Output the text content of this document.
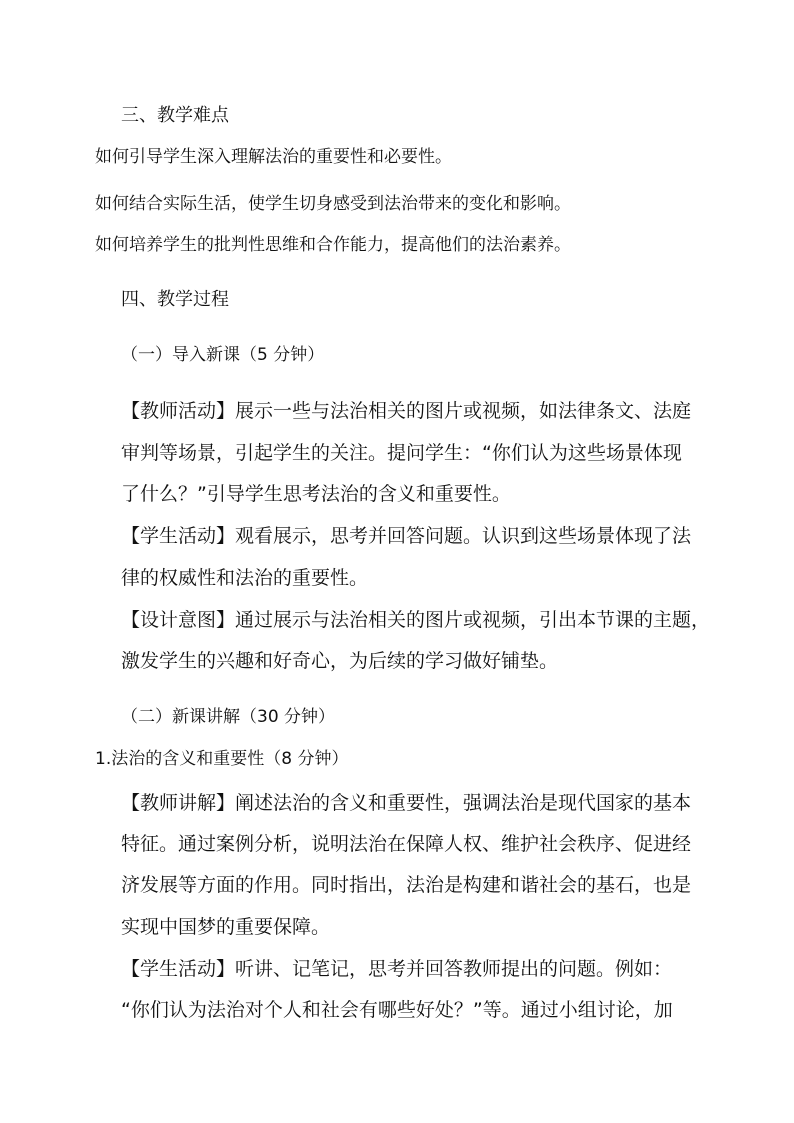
三、教学难点
如何引导学生深入理解法治的重要性和必要性。
如何结合实际生活，使学生切身感受到法治带来的变化和影响。
如何培养学生的批判性思维和合作能力，提高他们的法治素养。
四、教学过程
（一）导入新课（5 分钟）
【教师活动】展示一些与法治相关的图片或视频，如法律条文、法庭
审判等场景，引起学生的关注。提问学生：“你们认为这些场景体现
了什么？”引导学生思考法治的含义和重要性。
【学生活动】观看展示，思考并回答问题。认识到这些场景体现了法
律的权威性和法治的重要性。
【设计意图】通过展示与法治相关的图片或视频，引出本节课的主题，
激发学生的兴趣和好奇心，为后续的学习做好铺垫。
（二）新课讲解（30 分钟）
1.法治的含义和重要性（8 分钟）
【教师讲解】阐述法治的含义和重要性，强调法治是现代国家的基本
特征。通过案例分析，说明法治在保障人权、维护社会秩序、促进经
济发展等方面的作用。同时指出，法治是构建和谐社会的基石，也是
实现中国梦的重要保障。
【学生活动】听讲、记笔记，思考并回答教师提出的问题。例如：
“你们认为法治对个人和社会有哪些好处？”等。通过小组讨论，加
